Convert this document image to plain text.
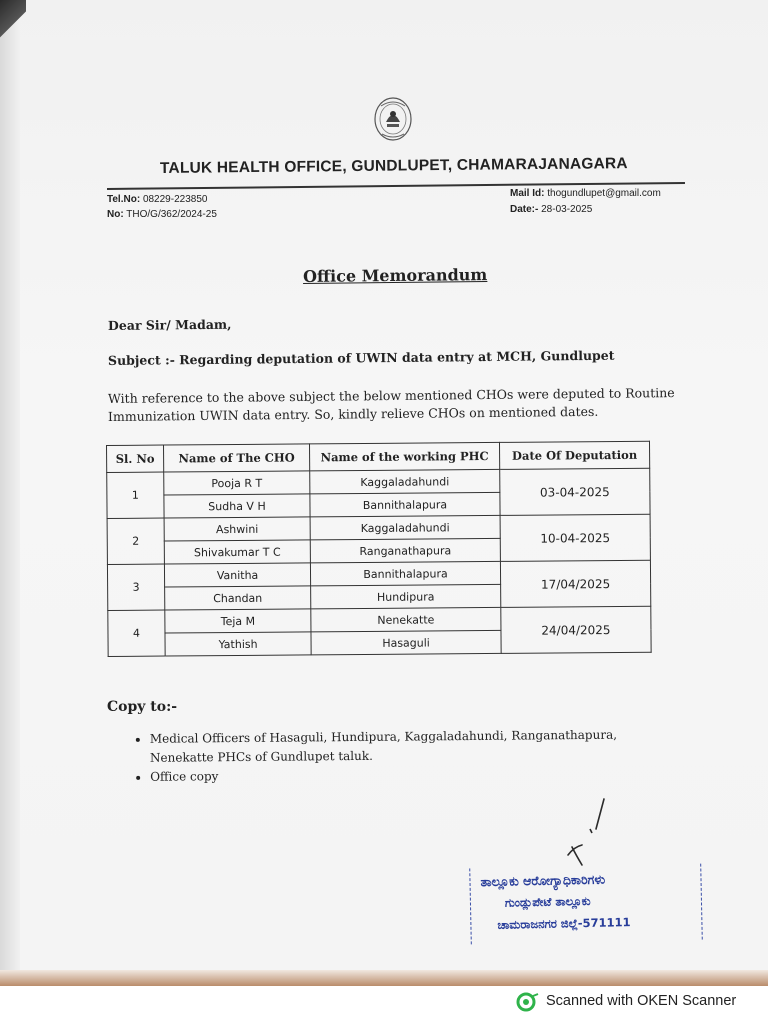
TALUK HEALTH OFFICE, GUNDLUPET, CHAMARAJANAGARA
Tel.No: 08229-223850
No: THO/G/362/2024-25
Mail Id: thogundlupet@gmail.com
Date:- 28-03-2025
Office Memorandum
Dear Sir/ Madam,
Subject :- Regarding deputation of UWIN data entry at MCH, Gundlupet
With reference to the above subject the below mentioned CHOs were deputed to Routine
Immunization UWIN data entry. So, kindly relieve CHOs on mentioned dates.
Sl. No	Name of The CHO	Name of the working PHC	Date Of Deputation
1	Pooja R T	Kaggaladahundi	03-04-2025
	Sudha V H	Bannithalapura	
2	Ashwini	Kaggaladahundi	10-04-2025
	Shivakumar T C	Ranganathapura	
3	Vanitha	Bannithalapura	17/04/2025
	Chandan	Hundipura	
4	Teja M	Nenekatte	24/04/2025
	Yathish	Hasaguli	
Copy to:-
• Medical Officers of Hasaguli, Hundipura, Kaggaladahundi, Ranganathapura, Nenekatte PHCs of Gundlupet taluk.
• Office copy
ತಾಲ್ಲೂಕು ಆರೋಗ್ಯಾಧಿಕಾರಿಗಳು
ಗುಂಡ್ಲುಪೇಟೆ ತಾಲ್ಲೂಕು
ಚಾಮರಾಜನಗರ ಜಿಲ್ಲೆ-571111
Scanned with OKEN Scanner
